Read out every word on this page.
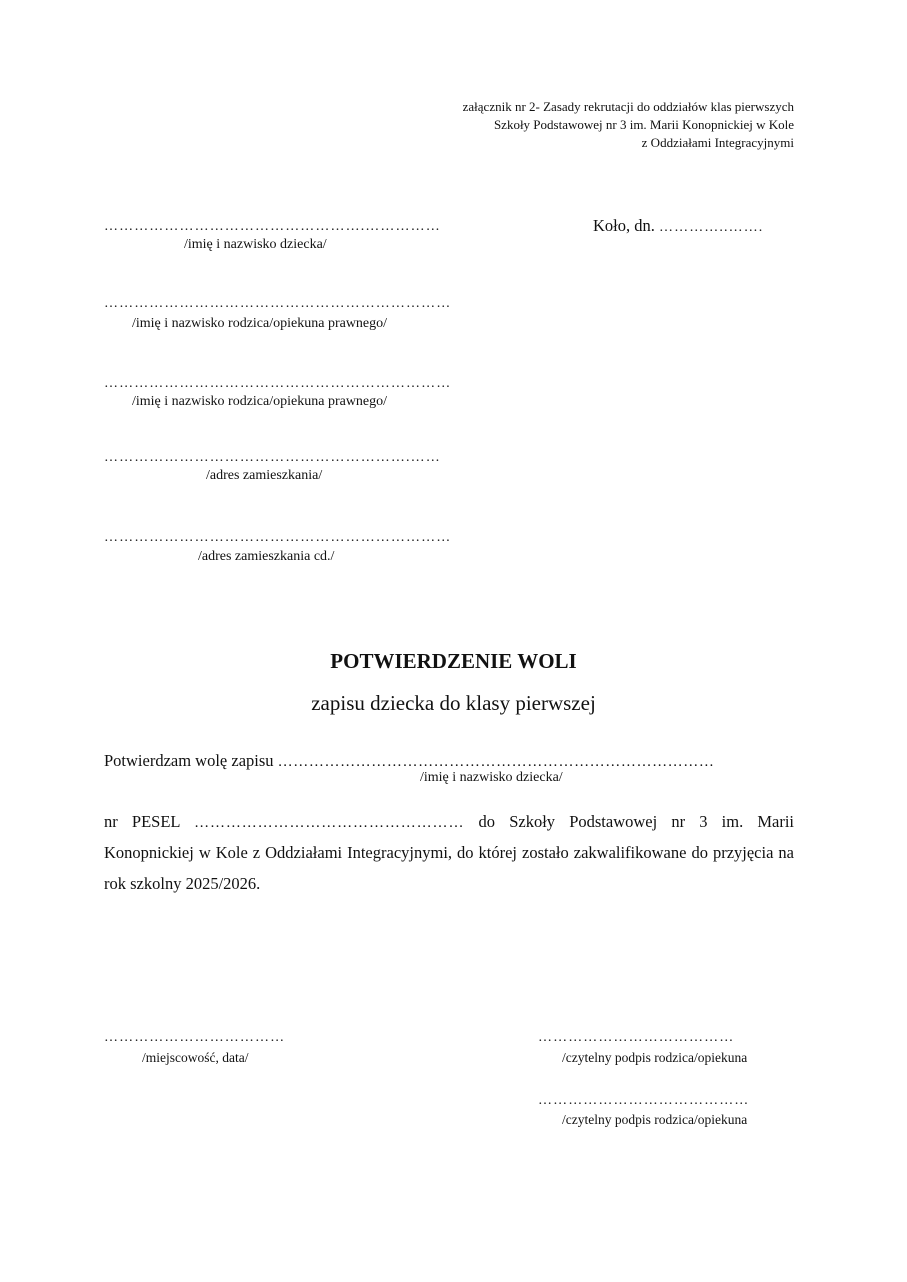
załącznik nr 2- Zasady rekrutacji do oddziałów klas pierwszych
Szkoły Podstawowej nr 3 im. Marii Konopnickiej w Kole
z Oddziałami Integracyjnymi
Koło, dn. …………..…….
…………………………………………….……………
/imię i nazwisko dziecka/
……………………………………………………………
/imię i nazwisko rodzica/opiekuna prawnego/
……………………………………………………………
/imię i nazwisko rodzica/opiekuna prawnego/
…………………………………………………….……
/adres zamieszkania/
……………………………………………………………
/adres zamieszkania cd./
POTWIERDZENIE WOLI
zapisu dziecka do klasy pierwszej
Potwierdzam wolę zapisu …………………………………………………………………………
/imię i nazwisko dziecka/
nr PESEL …………………………………………… do Szkoły Podstawowej nr 3 im. Marii Konopnickiej w Kole z Oddziałami Integracyjnymi, do której zostało zakwalifikowane do przyjęcia na rok szkolny 2025/2026.
………………………………
/miejscowość, data/
…………………………………
/czytelny podpis rodzica/opiekuna
……………………………………
/czytelny podpis rodzica/opiekuna
